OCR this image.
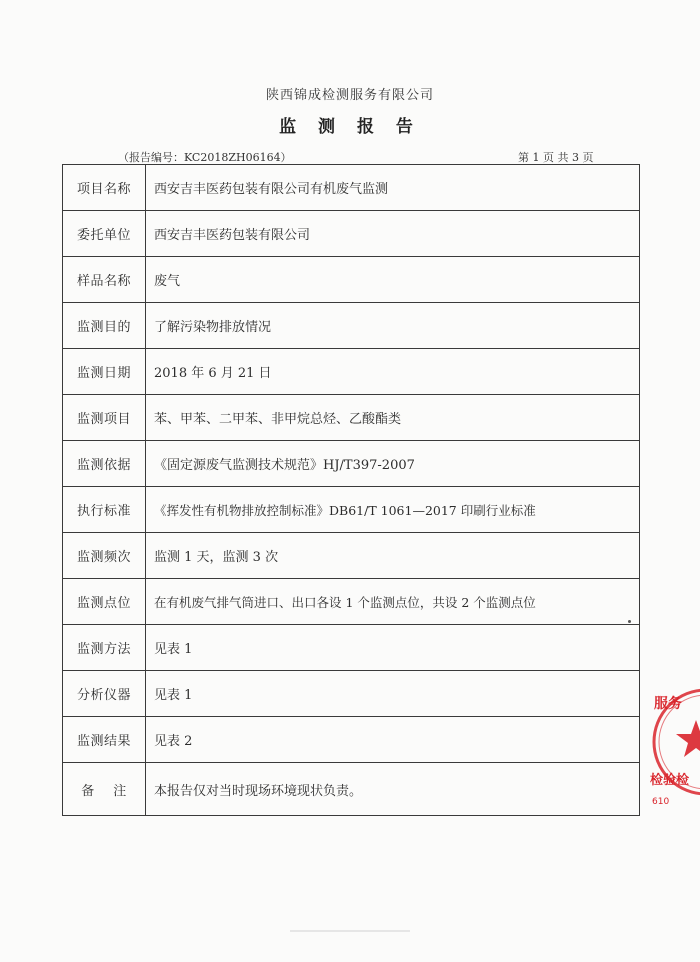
陕西锦成检测服务有限公司
监 测 报 告
（报告编号：KC2018ZH06164）	第 1 页 共 3 页
项目名称	西安吉丰医药包装有限公司有机废气监测
委托单位	西安吉丰医药包装有限公司
样品名称	废气
监测目的	了解污染物排放情况
监测日期	2018 年 6 月 21 日
监测项目	苯、甲苯、二甲苯、非甲烷总烃、乙酸酯类
监测依据	《固定源废气监测技术规范》HJ/T397-2007
执行标准	《挥发性有机物排放控制标准》DB61/T 1061—2017 印刷行业标准
监测频次	监测 1 天，监测 3 次
监测点位	在有机废气排气筒进口、出口各设 1 个监测点位，共设 2 个监测点位
监测方法	见表 1
分析仪器	见表 1
监测结果	见表 2
备    注	本报告仅对当时现场环境现状负责。
服务
检验检
610
